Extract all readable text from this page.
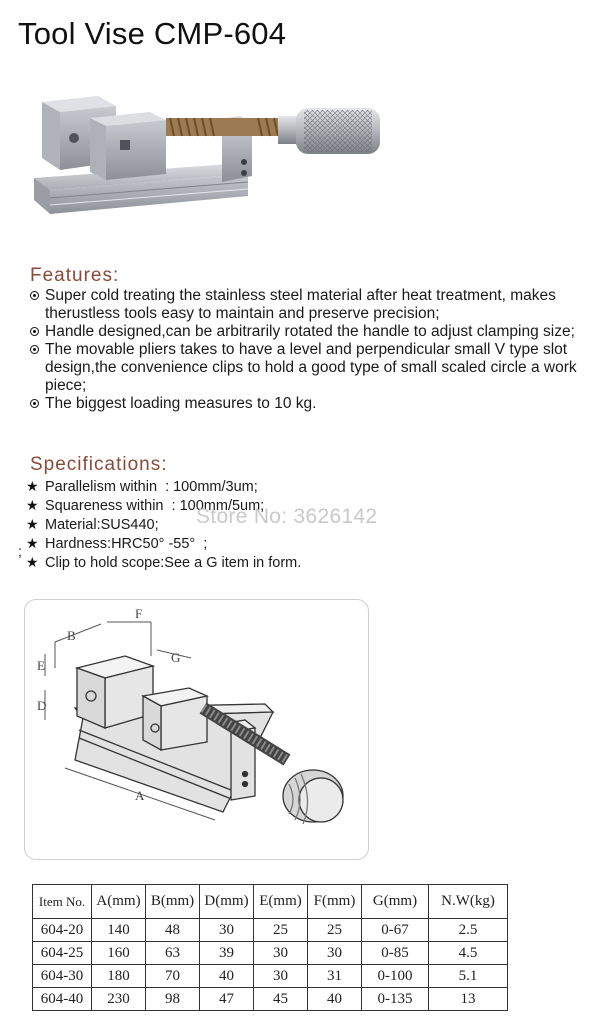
Tool Vise CMP-604
Features:

Super cold treating the stainless steel material after heat treatment, makes therustless tools easy to maintain and preserve precision;

Handle designed,can be arbitrarily rotated the handle to adjust clamping size;

The movable pliers takes to have a level and perpendicular small V type slot design,the convenience clips to hold a good type of small scaled circle a work piece;

The biggest loading measures to 10 kg.

Specifications:

★ Parallelism within  : 100mm/3um;

★ Squareness within  : 100mm/5um;

★ Material:SUS440;

★ Hardness:HRC50° -55°  ;

★ Clip to hold scope:See a G item in form.

;
Store No: 3626142
B
F
G
E
D
A
Item No.	A(mm)	B(mm)	D(mm)	E(mm)	F(mm)	G(mm)	N.W(kg)
604-20	140	48	30	25	25	0-67	2.5
604-25	160	63	39	30	30	0-85	4.5
604-30	180	70	40	30	31	0-100	5.1
604-40	230	98	47	45	40	0-135	13
